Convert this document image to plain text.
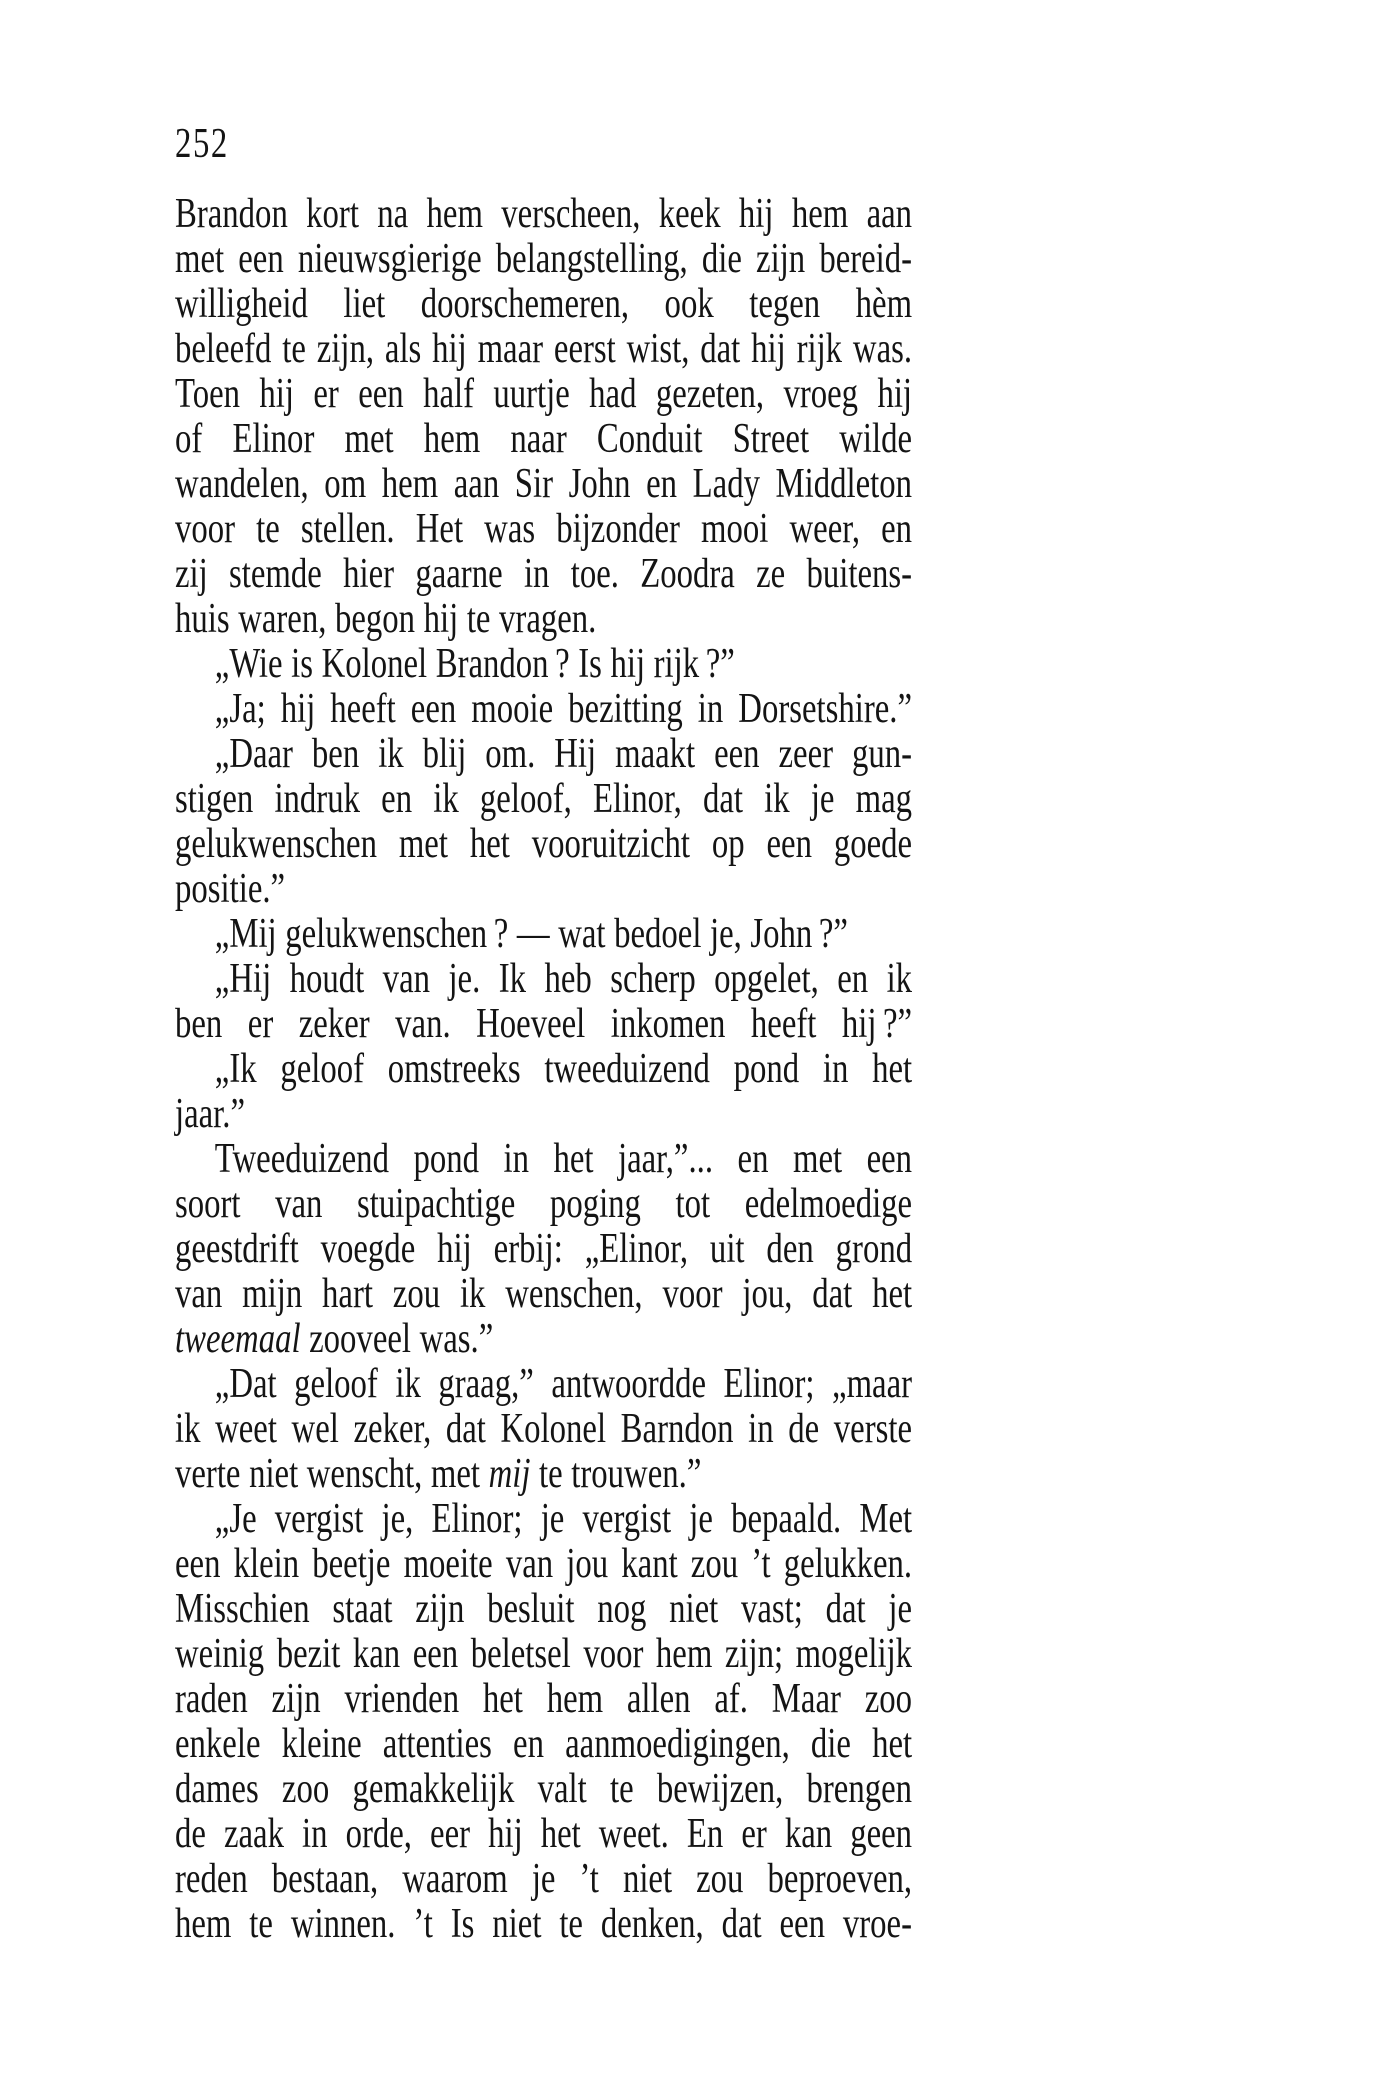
252
Brandon kort na hem verscheen, keek hij hem aan
met een nieuwsgierige belangstelling, die zijn bereid-
willigheid liet doorschemeren, ook tegen hèm
beleefd te zijn, als hij maar eerst wist, dat hij rijk was.
Toen hij er een half uurtje had gezeten, vroeg hij
of Elinor met hem naar Conduit Street wilde
wandelen, om hem aan Sir John en Lady Middleton
voor te stellen. Het was bijzonder mooi weer, en
zij stemde hier gaarne in toe. Zoodra ze buitens-
huis waren, begon hij te vragen.
„Wie is Kolonel Brandon ? Is hij rijk ?”
„Ja; hij heeft een mooie bezitting in Dorsetshire.”
„Daar ben ik blij om. Hij maakt een zeer gun-
stigen indruk en ik geloof, Elinor, dat ik je mag
gelukwenschen met het vooruitzicht op een goede
positie.”
„Mij gelukwenschen ? — wat bedoel je, John ?”
„Hij houdt van je. Ik heb scherp opgelet, en ik
ben er zeker van. Hoeveel inkomen heeft hij ?”
„Ik geloof omstreeks tweeduizend pond in het
jaar.”
Tweeduizend pond in het jaar,”... en met een
soort van stuipachtige poging tot edelmoedige
geestdrift voegde hij erbij: „Elinor, uit den grond
van mijn hart zou ik wenschen, voor jou, dat het
tweemaal zooveel was.”
„Dat geloof ik graag,” antwoordde Elinor; „maar
ik weet wel zeker, dat Kolonel Barndon in de verste
verte niet wenscht, met mij te trouwen.”
„Je vergist je, Elinor; je vergist je bepaald. Met
een klein beetje moeite van jou kant zou ’t gelukken.
Misschien staat zijn besluit nog niet vast; dat je
weinig bezit kan een beletsel voor hem zijn; mogelijk
raden zijn vrienden het hem allen af. Maar zoo
enkele kleine attenties en aanmoedigingen, die het
dames zoo gemakkelijk valt te bewijzen, brengen
de zaak in orde, eer hij het weet. En er kan geen
reden bestaan, waarom je ’t niet zou beproeven,
hem te winnen. ’t Is niet te denken, dat een vroe-
